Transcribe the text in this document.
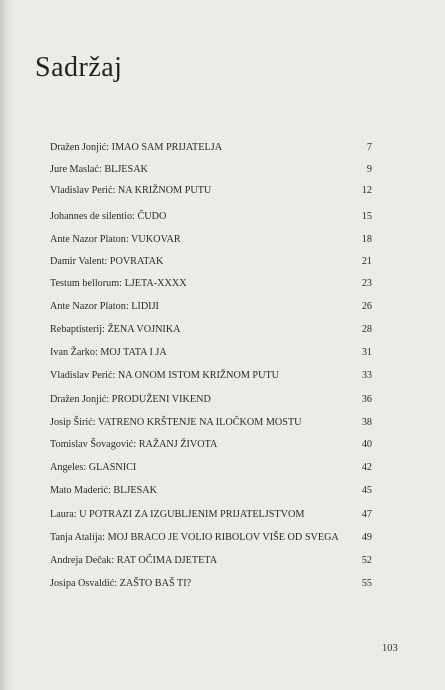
Sadržaj
Dražen Jonjić: IMAO SAM PRIJATELJA	7
Jure Maslać: BLJESAK	9
Vladislav Perić: NA KRIŽNOM PUTU	12
Johannes de silentio: ČUDO	15
Ante Nazor Platon: VUKOVAR	18
Damir Valent: POVRATAK	21
Testum bellorum: LJETA-XXXX	23
Ante Nazor Platon: LIDIJI	26
Rebaptisterij: ŽENA VOJNIKA	28
Ivan Žarko: MOJ TATA I JA	31
Vladislav Perić: NA ONOM ISTOM KRIŽNOM PUTU	33
Dražen Jonjić: PRODUŽENI VIKEND	36
Josip Širić: VATRENO KRŠTENJE NA ILOČKOM MOSTU	38
Tomislav Šovagović: RAŽANJ ŽIVOTA	40
Angeles: GLASNICI	42
Mato Maderić: BLJESAK	45
Laura: U POTRAZI ZA IZGUBLJENIM PRIJATELJSTVOM	47
Tanja Atalija: MOJ BRACO JE VOLIO RIBOLOV VIŠE OD SVEGA 49
Andreja Dečak: RAT OČIMA DJETETA	52
Josipa Osvaldić: ZAŠTO BAŠ TI?	55
103
